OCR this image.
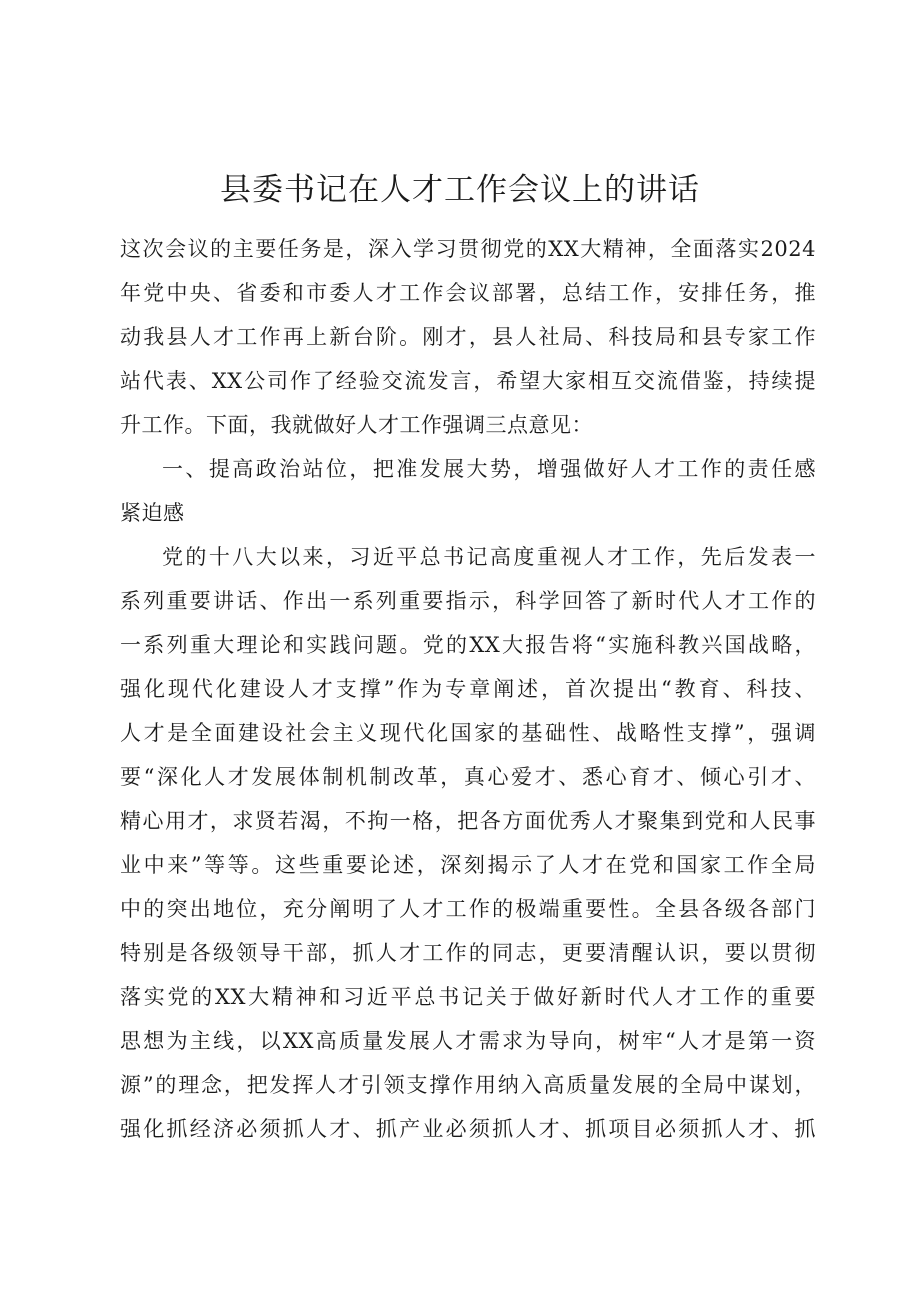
县委书记在人才工作会议上的讲话
这次会议的主要任务是，深入学习贯彻党的XX大精神，全面落实2024
年党中央、省委和市委人才工作会议部署，总结工作，安排任务，推
动我县人才工作再上新台阶。刚才，县人社局、科技局和县专家工作
站代表、XX公司作了经验交流发言，希望大家相互交流借鉴，持续提
升工作。下面，我就做好人才工作强调三点意见：
一、提高政治站位，把准发展大势，增强做好人才工作的责任感
紧迫感
党的十八大以来，习近平总书记高度重视人才工作，先后发表一
系列重要讲话、作出一系列重要指示，科学回答了新时代人才工作的
一系列重大理论和实践问题。党的XX大报告将“实施科教兴国战略，
强化现代化建设人才支撑”作为专章阐述，首次提出“教育、科技、
人才是全面建设社会主义现代化国家的基础性、战略性支撑”，强调
要“深化人才发展体制机制改革，真心爱才、悉心育才、倾心引才、
精心用才，求贤若渴，不拘一格，把各方面优秀人才聚集到党和人民事
业中来”等等。这些重要论述，深刻揭示了人才在党和国家工作全局
中的突出地位，充分阐明了人才工作的极端重要性。全县各级各部门
特别是各级领导干部，抓人才工作的同志，更要清醒认识，要以贯彻
落实党的XX大精神和习近平总书记关于做好新时代人才工作的重要
思想为主线，以XX高质量发展人才需求为导向，树牢“人才是第一资
源”的理念，把发挥人才引领支撑作用纳入高质量发展的全局中谋划，
强化抓经济必须抓人才、抓产业必须抓人才、抓项目必须抓人才、抓
